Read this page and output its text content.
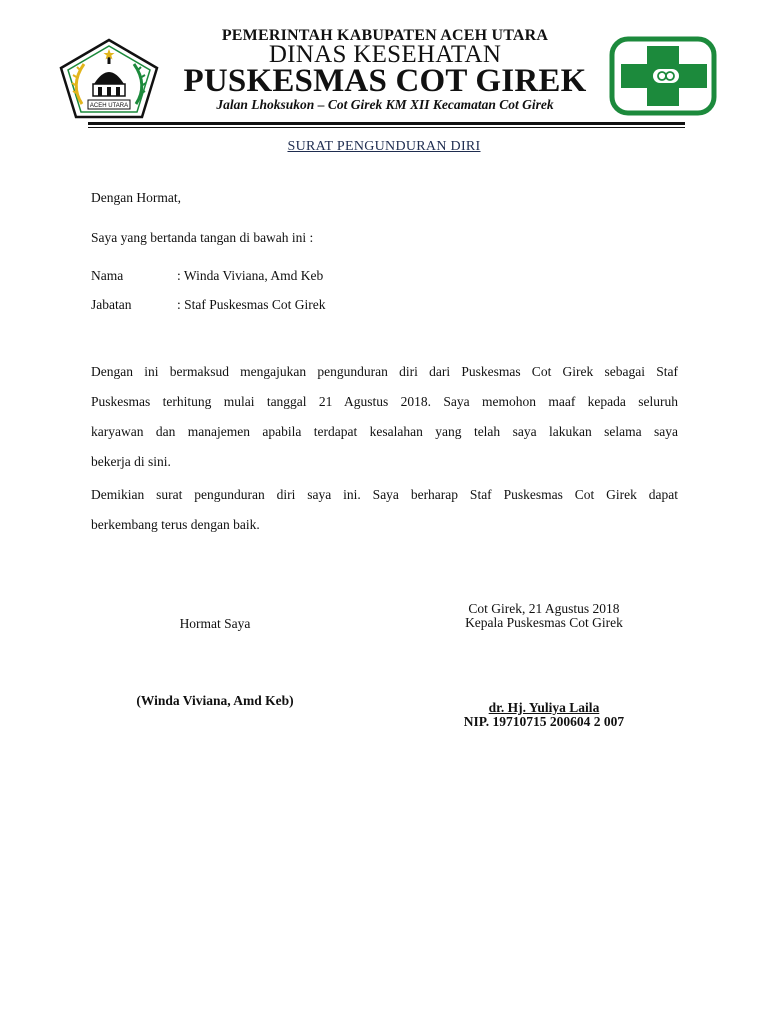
ACEH UTARA
PEMERINTAH KABUPATEN ACEH UTARA
DINAS KESEHATAN
PUSKESMAS COT GIREK
Jalan Lhoksukon – Cot Girek KM XII Kecamatan Cot Girek
SURAT PENGUNDURAN DIRI
Dengan Hormat,
Saya yang bertanda tangan di bawah ini :
Nama	: Winda Viviana, Amd Keb
Jabatan	: Staf Puskesmas Cot Girek
Dengan ini bermaksud mengajukan pengunduran diri dari Puskesmas Cot Girek sebagai Staf
Puskesmas terhitung mulai tanggal 21 Agustus 2018. Saya memohon maaf kepada seluruh
karyawan dan manajemen apabila terdapat kesalahan yang telah saya lakukan selama saya
bekerja di sini.
Demikian surat pengunduran diri saya ini. Saya berharap Staf Puskesmas Cot Girek dapat
berkembang terus dengan baik.
Hormat Saya
(Winda Viviana, Amd Keb)
Cot Girek, 21 Agustus 2018
Kepala Puskesmas Cot Girek
dr. Hj. Yuliya Laila
NIP. 19710715 200604 2 007
